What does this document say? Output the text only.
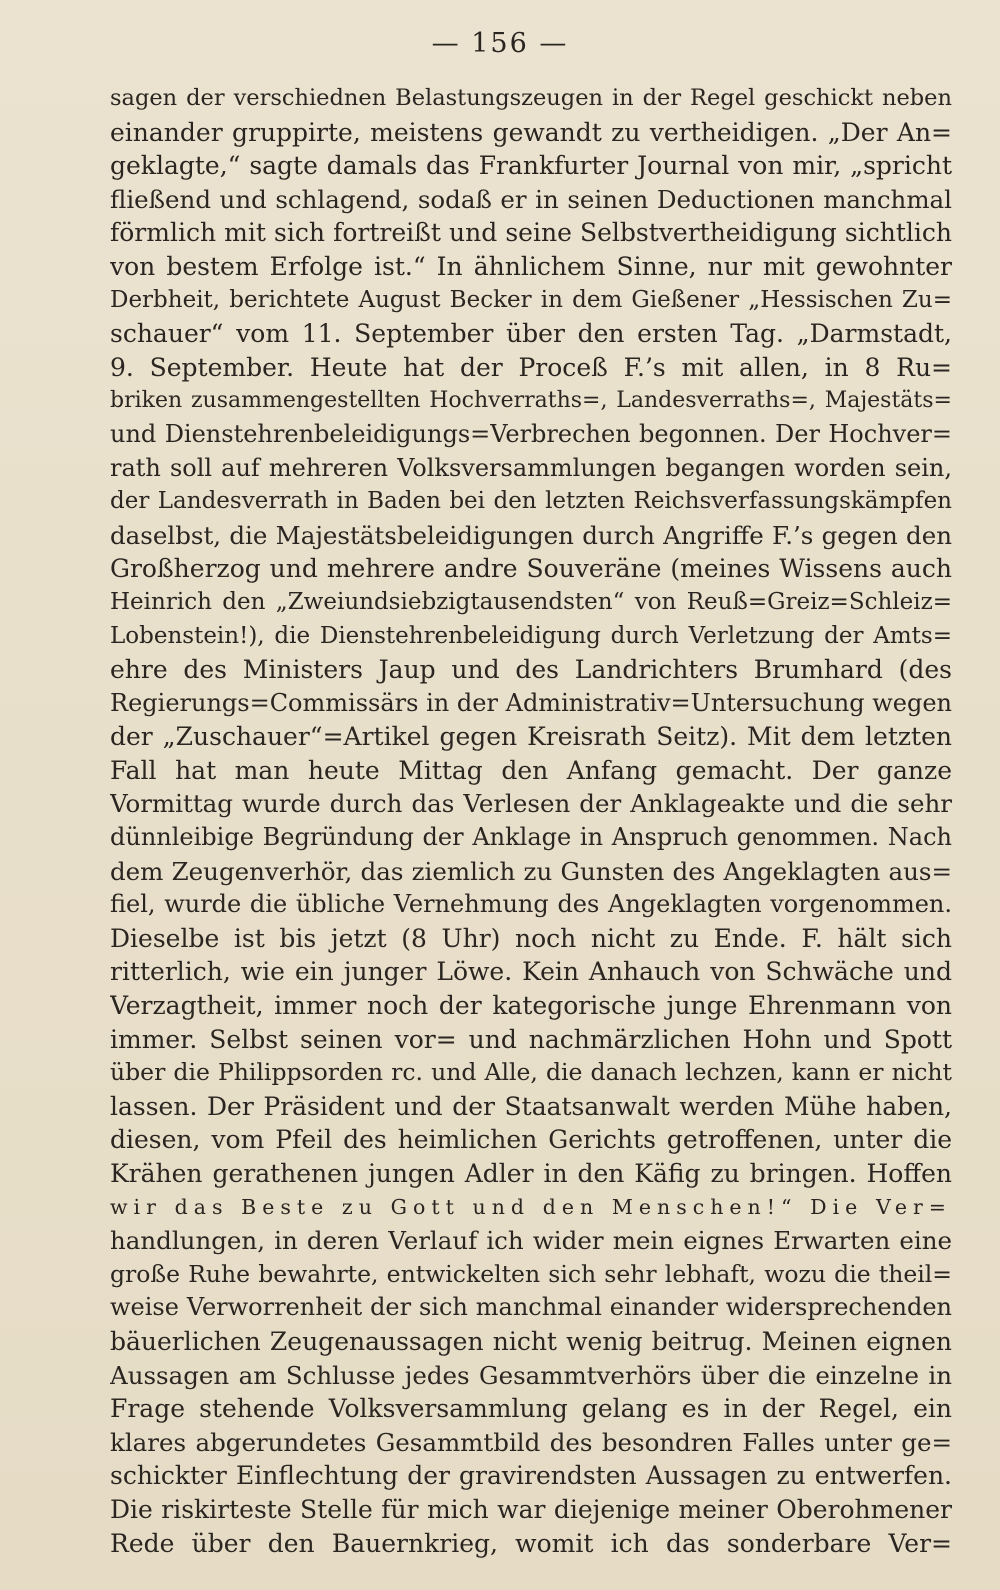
— 156 —
sagen der verschiednen Belastungszeugen in der Regel geschickt neben
einander gruppirte, meistens gewandt zu vertheidigen. „Der An=
geklagte,“ sagte damals das Frankfurter Journal von mir, „spricht
fließend und schlagend, sodaß er in seinen Deductionen manchmal
förmlich mit sich fortreißt und seine Selbstvertheidigung sichtlich
von bestem Erfolge ist.“ In ähnlichem Sinne, nur mit gewohnter
Derbheit, berichtete August Becker in dem Gießener „Hessischen Zu=
schauer“ vom 11. September über den ersten Tag. „Darmstadt,
9. September. Heute hat der Proceß F.’s mit allen, in 8 Ru=
briken zusammengestellten Hochverraths=, Landesverraths=, Majestäts=
und Dienstehrenbeleidigungs=Verbrechen begonnen. Der Hochver=
rath soll auf mehreren Volksversammlungen begangen worden sein,
der Landesverrath in Baden bei den letzten Reichsverfassungskämpfen
daselbst, die Majestätsbeleidigungen durch Angriffe F.’s gegen den
Großherzog und mehrere andre Souveräne (meines Wissens auch
Heinrich den „Zweiundsiebzigtausendsten“ von Reuß=Greiz=Schleiz=
Lobenstein!), die Dienstehrenbeleidigung durch Verletzung der Amts=
ehre des Ministers Jaup und des Landrichters Brumhard (des
Regierungs=Commissärs in der Administrativ=Untersuchung wegen
der „Zuschauer“=Artikel gegen Kreisrath Seitz). Mit dem letzten
Fall hat man heute Mittag den Anfang gemacht. Der ganze
Vormittag wurde durch das Verlesen der Anklageakte und die sehr
dünnleibige Begründung der Anklage in Anspruch genommen. Nach
dem Zeugenverhör, das ziemlich zu Gunsten des Angeklagten aus=
fiel, wurde die übliche Vernehmung des Angeklagten vorgenommen.
Dieselbe ist bis jetzt (8 Uhr) noch nicht zu Ende. F. hält sich
ritterlich, wie ein junger Löwe. Kein Anhauch von Schwäche und
Verzagtheit, immer noch der kategorische junge Ehrenmann von
immer. Selbst seinen vor= und nachmärzlichen Hohn und Spott
über die Philippsorden rc. und Alle, die danach lechzen, kann er nicht
lassen. Der Präsident und der Staatsanwalt werden Mühe haben,
diesen, vom Pfeil des heimlichen Gerichts getroffenen, unter die
Krähen gerathenen jungen Adler in den Käfig zu bringen. Hoffen
wir das Beste zu Gott und den Menschen!“ Die Ver=
handlungen, in deren Verlauf ich wider mein eignes Erwarten eine
große Ruhe bewahrte, entwickelten sich sehr lebhaft, wozu die theil=
weise Verworrenheit der sich manchmal einander widersprechenden
bäuerlichen Zeugenaussagen nicht wenig beitrug. Meinen eignen
Aussagen am Schlusse jedes Gesammtverhörs über die einzelne in
Frage stehende Volksversammlung gelang es in der Regel, ein
klares abgerundetes Gesammtbild des besondren Falles unter ge=
schickter Einflechtung der gravirendsten Aussagen zu entwerfen.
Die riskirteste Stelle für mich war diejenige meiner Oberohmener
Rede über den Bauernkrieg, womit ich das sonderbare Ver=
